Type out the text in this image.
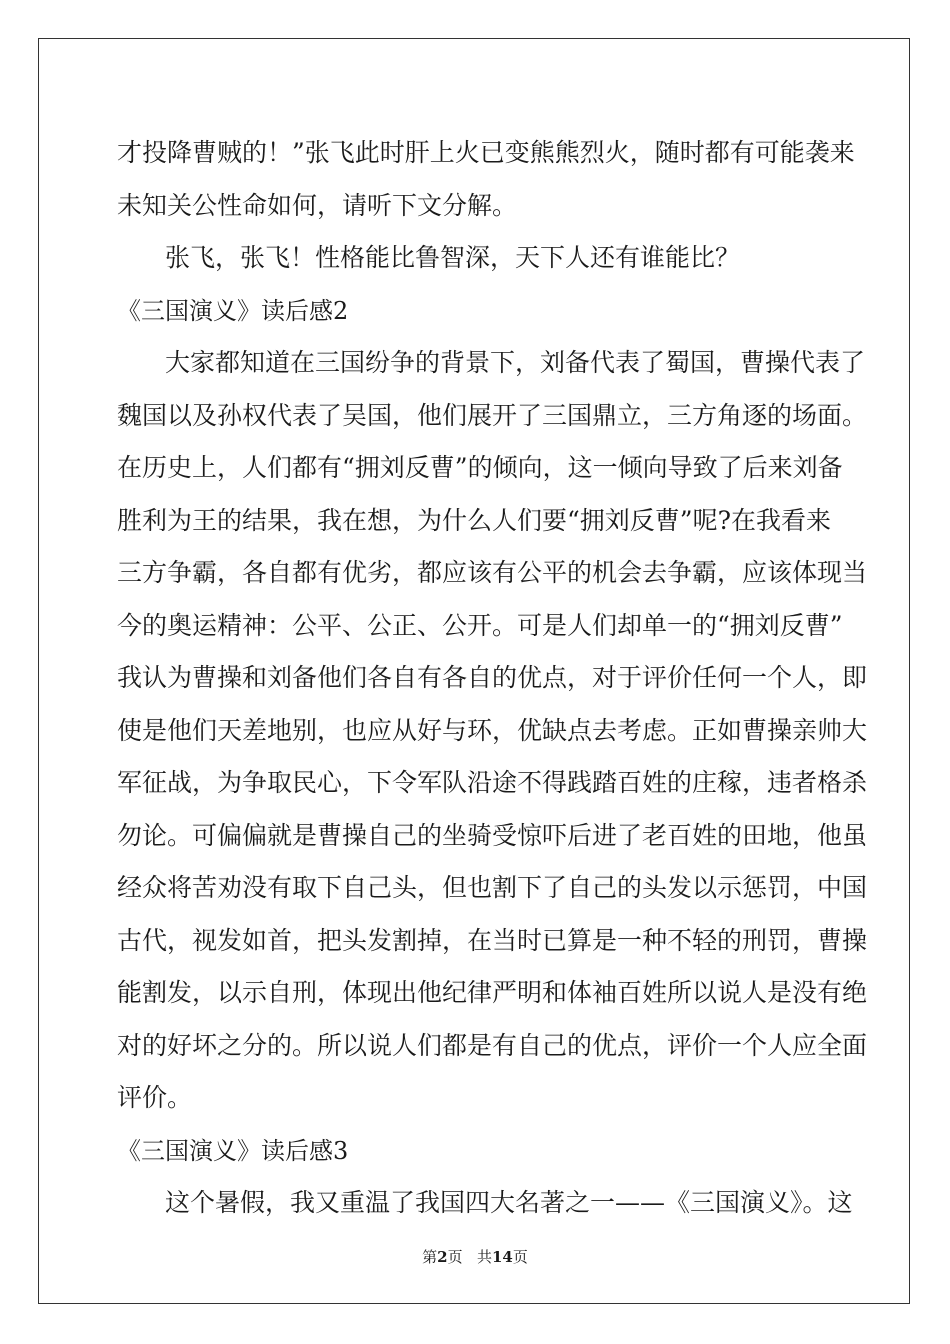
才投降曹贼的！”张飞此时肝上火已变熊熊烈火，随时都有可能袭来
未知关公性命如何，请听下文分解。
张飞，张飞！性格能比鲁智深，天下人还有谁能比？
《三国演义》读后感2
大家都知道在三国纷争的背景下，刘备代表了蜀国，曹操代表了
魏国以及孙权代表了吴国，他们展开了三国鼎立，三方角逐的场面。
在历史上，人们都有“拥刘反曹”的倾向，这一倾向导致了后来刘备
胜利为王的结果，我在想，为什么人们要“拥刘反曹”呢?在我看来
三方争霸，各自都有优劣，都应该有公平的机会去争霸，应该体现当
今的奥运精神：公平、公正、公开。可是人们却单一的“拥刘反曹”
我认为曹操和刘备他们各自有各自的优点，对于评价任何一个人，即
使是他们天差地别，也应从好与环，优缺点去考虑。正如曹操亲帅大
军征战，为争取民心，下令军队沿途不得践踏百姓的庄稼，违者格杀
勿论。可偏偏就是曹操自己的坐骑受惊吓后进了老百姓的田地，他虽
经众将苦劝没有取下自己头，但也割下了自己的头发以示惩罚，中国
古代，视发如首，把头发割掉，在当时已算是一种不轻的刑罚，曹操
能割发，以示自刑，体现出他纪律严明和体袖百姓所以说人是没有绝
对的好坏之分的。所以说人们都是有自己的优点，评价一个人应全面
评价。
《三国演义》读后感3
这个暑假，我又重温了我国四大名著之一——《三国演义》。这
第2页 共14页
